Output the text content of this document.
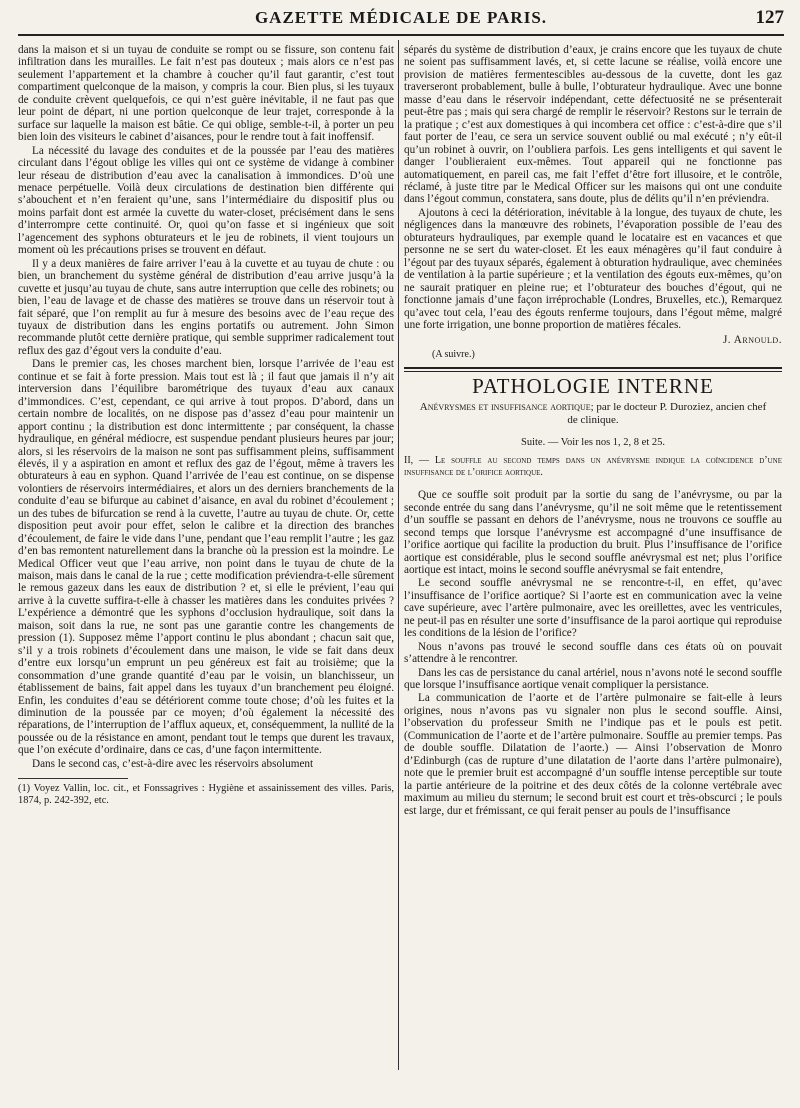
GAZETTE MÉDICALE DE PARIS.	127

dans la maison et si un tuyau de conduite se rompt ou se fissure, son contenu fait infiltration dans les murailles. Le fait n’est pas douteux ; mais alors ce n’est pas seulement l’appartement et la chambre à coucher qu’il faut garantir, c’est tout compartiment quelconque de la maison, y compris la cour. Bien plus, si les tuyaux de conduite crèvent quelquefois, ce qui n’est guère inévitable, il ne faut pas que leur point de départ, ni une portion quelconque de leur trajet, corresponde à la surface sur laquelle la maison est bâtie. Ce qui oblige, semble-t-il, à porter un peu bien loin des visiteurs le cabinet d’aisances, pour le rendre tout à fait inoffensif.

La nécessité du lavage des conduites et de la poussée par l’eau des matières circulant dans l’égout oblige les villes qui ont ce système de vidange à combiner leur réseau de distribution d’eau avec la canalisation à immondices. D’où une menace perpétuelle. Voilà deux circulations de destination bien différente qui s’abouchent et n’en feraient qu’une, sans l’intermédiaire du dispositif plus ou moins parfait dont est armée la cuvette du water-closet, précisément dans le sens d’interrompre cette continuité. Or, quoi qu’on fasse et si ingénieux que soit l’agencement des syphons obturateurs et le jeu de robinets, il vient toujours un moment où les précautions prises se trouvent en défaut.

Il y a deux manières de faire arriver l’eau à la cuvette et au tuyau de chute : ou bien, un branchement du système général de distribution d’eau arrive jusqu’à la cuvette et jusqu’au tuyau de chute, sans autre interruption que celle des robinets; ou bien, l’eau de lavage et de chasse des matières se trouve dans un réservoir tout à fait séparé, que l’on remplit au fur à mesure des besoins avec de l’eau reçue des tuyaux de distribution dans les engins portatifs ou autrement. John Simon recommande plutôt cette dernière pratique, qui semble supprimer radicalement tout reflux des gaz d’égout vers la conduite d’eau.

Dans le premier cas, les choses marchent bien, lorsque l’arrivée de l’eau est continue et se fait à forte pression. Mais tout est là ; il faut que jamais il n’y ait interversion dans l’équilibre barométrique des tuyaux d’eau aux canaux d’immondices. C’est, cependant, ce qui arrive à tout propos. D’abord, dans un certain nombre de localités, on ne dispose pas d’assez d’eau pour maintenir un apport continu ; la distribution est donc intermittente ; par conséquent, la chasse hydraulique, en général médiocre, est suspendue pendant plusieurs heures par jour; alors, si les réservoirs de la maison ne sont pas suffisamment pleins, suffisamment élevés, il y a aspiration en amont et reflux des gaz de l’égout, même à travers les obturateurs à eau en syphon. Quand l’arrivée de l’eau est continue, on se dispense volontiers de réservoirs intermédiaires, et alors un des derniers branchements de la conduite d’eau se bifurque au cabinet d’aisance, en aval du robinet d’écoulement ; un des tubes de bifurcation se rend à la cuvette, l’autre au tuyau de chute. Or, cette disposition peut avoir pour effet, selon le calibre et la direction des branches d’écoulement, de faire le vide dans l’une, pendant que l’eau remplit l’autre ; les gaz d’en bas remontent naturellement dans la branche où la pression est la moindre. Le Medical Officer veut que l’eau arrive, non point dans le tuyau de chute de la maison, mais dans le canal de la rue ; cette modification préviendra-t-elle sûrement le remous gazeux dans les eaux de distribution ? et, si elle le prévient, l’eau qui arrive à la cuvette suffira-t-elle à chasser les matières dans les conduites privées ? L’expérience a démontré que les syphons d’occlusion hydraulique, soit dans la maison, soit dans la rue, ne sont pas une garantie contre les changements de pression (1). Supposez même l’apport continu le plus abondant ; chacun sait que, s’il y a trois robinets d’écoulement dans une maison, le vide se fait dans deux d’entre eux lorsqu’un emprunt un peu généreux est fait au troisième; que la consommation d’une grande quantité d’eau par le voisin, un blanchisseur, un établissement de bains, fait appel dans les tuyaux d’un branchement peu éloigné. Enfin, les conduites d’eau se détériorent comme toute chose; d’où les fuites et la diminution de la poussée par ce moyen; d’où également la nécessité des réparations, de l’interruption de l’afflux aqueux, et, conséquemment, la nullité de la poussée ou de la résistance en amont, pendant tout le temps que durent les travaux, que l’on exécute d’ordinaire, dans ce cas, d’une façon intermittente.

Dans le second cas, c’est-à-dire avec les réservoirs absolument

(1) Voyez Vallin, loc. cit., et Fonssagrives : Hygiène et assainissement des villes. Paris, 1874, p. 242-392, etc.

séparés du système de distribution d’eaux, je crains encore que les tuyaux de chute ne soient pas suffisamment lavés, et, si cette lacune se réalise, voilà encore une provision de matières fermentescibles au-dessous de la cuvette, dont les gaz traverseront probablement, bulle à bulle, l’obturateur hydraulique. Avec une bonne masse d’eau dans le réservoir indépendant, cette défectuosité ne se présenterait peut-être pas ; mais qui sera chargé de remplir le réservoir? Restons sur le terrain de la pratique ; c’est aux domestiques à qui incombera cet office : c’est-à-dire que s’il faut porter de l’eau, ce sera un service souvent oublié ou mal exécuté ; n’y eût-il qu’un robinet à ouvrir, on l’oubliera parfois. Les gens intelligents et qui savent le danger l’oublieraient eux-mêmes. Tout appareil qui ne fonctionne pas automatiquement, en pareil cas, me fait l’effet d’être fort illusoire, et le contrôle, réclamé, à juste titre par le Medical Officer sur les maisons qui ont une conduite dans l’égout commun, constatera, sans doute, plus de délits qu’il n’en préviendra.

Ajoutons à ceci la détérioration, inévitable à la longue, des tuyaux de chute, les négligences dans la manœuvre des robinets, l’évaporation possible de l’eau des obturateurs hydrauliques, par exemple quand le locataire est en vacances et que personne ne se sert du water-closet. Et les eaux ménagères qu’il faut conduire à l’égout par des tuyaux séparés, également à obturation hydraulique, avec cheminées de ventilation à la partie supérieure ; et la ventilation des égouts eux-mêmes, qu’on ne saurait pratiquer en pleine rue; et l’obturateur des bouches d’égout, qui ne fonctionne jamais d’une façon irréprochable (Londres, Bruxelles, etc.), Remarquez qu’avec tout cela, l’eau des égouts renferme toujours, dans l’égout même, malgré une forte irrigation, une bonne proportion de matières fécales.

J. Arnould.
(A suivre.)
PATHOLOGIE INTERNE
Anévrysmes et insuffisance aortique; par le docteur P. Duroziez, ancien chef de clinique.
Suite. — Voir les nos 1, 2, 8 et 25.
II, — Le souffle au second temps dans un anévrysme indique la coïncidence d’une insuffisance de l’orifice aortique.

Que ce souffle soit produit par la sortie du sang de l’anévrysme, ou par la seconde entrée du sang dans l’anévrysme, qu’il ne soit même que le retentissement d’un souffle se passant en dehors de l’anévrysme, nous ne trouvons ce souffle au second temps que lorsque l’anévrysme est accompagné d’une insuffisance de l’orifice aortique qui facilite la production du bruit. Plus l’insuffisance de l’orifice aortique est considérable, plus le second souffle anévrysmal est net; plus l’orifice aortique est intact, moins le second souffle anévrysmal se fait entendre,

Le second souffle anévrysmal ne se rencontre-t-il, en effet, qu’avec l’insuffisance de l’orifice aortique? Si l’aorte est en communication avec la veine cave supérieure, avec l’artère pulmonaire, avec les oreillettes, avec les ventricules, ne peut-il pas en résulter une sorte d’insuffisance de la paroi aortique qui reproduise les conditions de la lésion de l’orifice?

Nous n’avons pas trouvé le second souffle dans ces états où on pouvait s’attendre à le rencontrer.

Dans les cas de persistance du canal artériel, nous n’avons noté le second souffle que lorsque l’insuffisance aortique venait compliquer la persistance.

La communication de l’aorte et de l’artère pulmonaire se fait-elle à leurs origines, nous n’avons pas vu signaler non plus le second souffle. Ainsi, l’observation du professeur Smith ne l’indique pas et le pouls est petit. (Communication de l’aorte et de l’artère pulmonaire. Souffle au premier temps. Pas de double souffle. Dilatation de l’aorte.) — Ainsi l’observation de Monro d’Edinburgh (cas de rupture d’une dilatation de l’aorte dans l’artère pulmonaire), note que le premier bruit est accompagné d’un souffle intense perceptible sur toute la partie antérieure de la poitrine et des deux côtés de la colonne vertébrale avec maximum au milieu du sternum; le second bruit est court et très-obscurci ; le pouls est large, dur et frémissant, ce qui ferait penser au pouls de l’insuffisance
